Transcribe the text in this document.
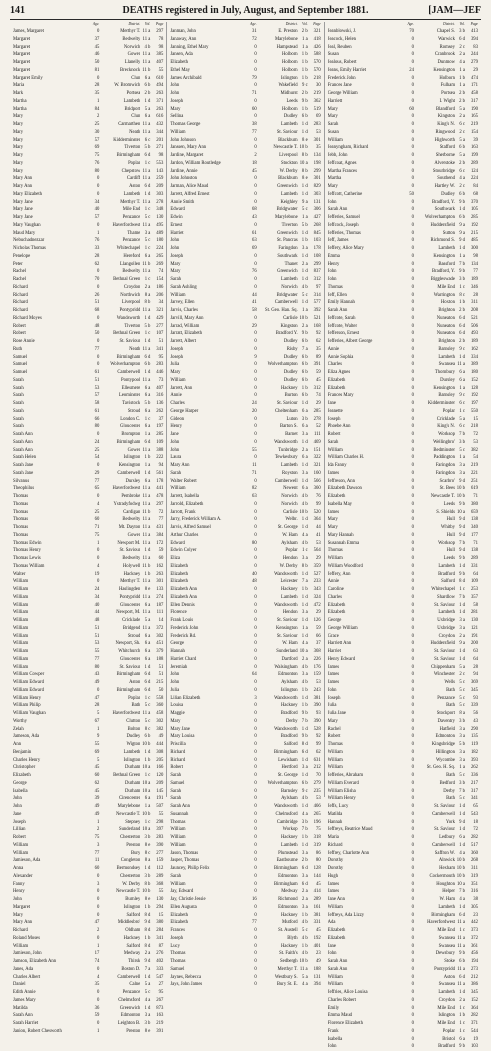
141	DEATHS registered in July, August, and September 1881.	[JAM—JEF
Age.	District.	Vol.	Page
James, Margaret	0	Merthyr T. 11 a	297
Margaret	37	Bedwelty 11 a	78
Margaret	45	Norwich 4 b	98
Margaret	46	Gower 11 a	385
Margaret	50	Llanelly 11 a	407
Margaret	81	Brecknock 11 b	55
Margaret Emily	0	Clun 6 a	610
Maria	28	W. Bromwich 6 b	494
Mark	35	Portsea 2 b	263
Martha	1	Lambeth 1 d	371
Martha	84	Bridport 5 a	263
Mary	2	Clun 6 a	616
Mary	25	Carmarthen 11 a	432
Mary	30	Neath 11 a	344
Mary	57	Kidderminster 6 c	201
Mary	69	Tiverton 5 b	271
Mary	75	Birmingham 6 d	98
Mary	76	Poplar 1 c	553
Mary	80	Chepstow 11 a	143
Mary Ann	0	Cardiff 11 a	259
Mary Ann	0	Aston 6 d	209
Mary Elizabeth	0	Lambeth 1 d	303
Mary Jane	34	Merthyr T. 11 a	278
Mary Jane	40	Mile End 1 c	348
Mary Jane	57	Penzance 5 c	130
Mary Vaughan	0	Haverfordwest 11 a	495
Maud Mary	1	Thame 3 a	489
Nebuchadnezzar	76	Penzance 5 c	180
Nicholas Thomas	33	Whitechapel 1 c	224
Penelope	28	Hereford 6 a	265
Peter	62	Llangollen 11 b	269
Rachel	0	Bedwelty 11 a	74
Rachel	70	Bethnal Green 1 c	154
Richard	0	Croydon 2 a	186
Richard	26	Northwich 8 a	206
Richard	51	Liverpool 8 b	34
Richard	68	Pontypridd 11 a	321
Richard Moyes	0	Wandsworth 1 d	429
Robert	48	Tiverton 5 b	277
Robert	50	Bethnal Green 1 c	107
Rose Annie	0	St. Saviour 1 d	51
Ruth	77	Neath 11 a	341
Samuel	0	Birmingham 6 d	95
Samuel	0	Wolverhampton 6 b	283
Samuel	61	Camberwell 1 d	446
Sarah	51	Pontypool 11 a	73
Sarah	53	Ellesmere 6 a	407
Sarah	57	Leominster 6 a	316
Sarah	58	Tavistock 5 b	136
Sarah	61	Stroud 6 a	262
Sarah	66	London C. 1 c	37
Sarah	80	Gloucester 6 a	197
Sarah Ann	0	Brompton 1 a	285
Sarah Ann	24	Birmingham 6 d	109
Sarah Ann	25	Gower 11 a	388
Sarah Helen	54	Islington 1 b	222
Sarah Jane	0	Kensington 1 a	94
Sarah Jane	29	Camberwell 1 d	561
Silvanus	77	Dursley 6 a	178
Theophilus	65	Haverfordwest 11 a	441
Thomas	0	Pembroke 11 a	478
Thomas	4	Ystradyfodwg 11 a	297
Thomas	25	Cardigan 11 b	72
Thomas	60	Bedwelty 11 a	77
Thomas	71	Mt. Dayton 11 a	431
Thomas	75	Gower 11 a	384
Thomas Edwin	1	Newport M. 11 a	172
Thomas Henry	0	St. Saviour 1 d	59
Thomas Lewis	0	Bedwelty 11 a	60
Thomas William	4	Holywell 11 b	162
Walter	19	Hackney 1 b	263
William	0	Merthyr T. 11 a	301
William	24	Haslingden 8 e	133
William	34	Pontypridd 11 a	274
William	40	Gloucester 6 a	187
William	44	Newport, M. 11 a	111
William	48	Cricklade 5 a	14
William	51	Bridgend 11 a	372
William	51	Stroud 6 a	302
William	53	Newport, Sh. 6 a	451
William	55	Whitchurch 6 a	379
William	77	Gloucester 6 a	188
William	80	St. Saviour 1 d	51
William Cowper	43	Birmingham 6 d	51
William Edward	49	Aston 6 d	215
William Edward	0	Birmingham 6 d	50
William Henry	47	Poplar 1 c	558
William Philip	28	Bath 5 c	360
William Vaughan	5	Haverfordwest 11 a	458
Worthy	67	Clutton 5 c	302
Zelah	1	Bolton 8 c	382
Jameson, Ada	9	Dudley 6 b	49
Ann	55	Wigton 10 b	444
Benjamin	69	Lambeth 1 d	308
Charles Henry	5	Islington 1 b	205
Christopher	45	Durham 10 a	166
Elizabeth	60	Bethnal Green 1 c	120
George	62	Durham 10 a	209
Isabella	45	Durham 10 a	145
John	39	Cirencester 6 a	191
John	49	Marylebone 1 a	507
Jane	49	Newcastle T. 10 b	55
Joseph	1	Stepney 1 c	298
Lillian	2	Sunderland 10 a	397
Robert	75	Chesterton 3 b	283
William	3	Preston 8 e	390
William	77	Bury 8 c	277
Jamieson, Ada	11	Congleton 8 a	159
Anna	60	Bermondsey 1 d	112
Alexander	0	Chesterton 3 b	289
Fanny	3	W. Derby 8 b	368
Henry	0	Newcastle T. 10 b	55
John	0	Burnley 8 e	130
Margaret	0	Islington 1 b	294
Mary	0	Salford 8 d	15
Mary Ann	47	Middlesbro' 9 d	380
Richard	2	Oldham 8 d	284
Roland Moses	0	Hackney 1 b	341
William	1	Salford 8 d	87
Jamieson, John	17	Medway 2 a	276
Jamson, Elizabeth Ann	74	Thirsk 9 d	402
Janes, Ada	0	Boston D. 7 a	333
Charles Albert	4	Camberwell 1 d	547
Daniel	35	Calne 5 a	27
Edith Annie	0	Penzance 5 c	95
James Mary	0	Chelmsford 4 a	267
Matilda	36	Greenwich 1 d	873
Sarah Ann	59	Edmonton 3 a	163
Sarah Harriet	0	Leighton B. 3 b	219
Janion, Robert Chesworth	1	Preston 8 e	391
Age.	District.	Vol.	Page
Janman, John	31	E. Preston 2 b	321
Janaway, Ann	72	Marylebone 1 a	418
Janning, Ethel Mary	0	Hampstead 1 a	426
Jansen, Ada	0	Holborn 1 b	588
Elizabeth	0	Holborn 1 b	570
Ethel May	0	Holborn 1 b	570
James Archibald	79	Islington 1 b	218
John	0	Wakefield 9 c	30
John	71	Midhurst 2 b	219
Joseph	0	Leeds 9 b	362
Mary	60	Holborn 1 b	519
Sellina	0	Dudley 6 b	69
Thomas George	38	Lambeth 1 d	283
William	77	St. Saviour 1 d	53
John Johnson	0	Blackburn 8 e	301
Janssen, Mary Ann	0	Newcastle T. 10 b	35
Jardine, Margaret	2	Liverpool 8 b	134
Jardon, William Routledge	18	Stockton 10 a	198
Jardine, Annie	45	W. Derby 8 b	299
John Johnston	0	Blackburn 8 e	301
Jarman, Alice Maud	0	Greenwich 1 d	829
Jarrett, Alfred Ernest	0	Lambeth 1 d	303
Annie Smith	0	Keighley 9 a	131
Edward	68	Bridgwater 5 c	306
Edwin	43	Marylebone 1 a	427
Ernest	0	Tiverton 5 b	268
Harriet	61	Greenwich 1 d	845
John	63	St. Pancras 1 b	103
John	69	Faringdon 3 a	178
Joseph	0	Southwark 1 d	108
Mary	0	Thanet 2 a	299
Mary	76	Greenwich 1 d	837
Sarah	0	Lambeth 1 d	312
Sarah Ashling	0	Norwich 4 b	97
William	44	Bridgwater 5 c	314
Jarvey, Ellen	41	Camberwell 1 d	577
Jarvis, Charles	58	St. Geo. Han. Sq. 1 a	392
Jarvill, Mary Ann	0	Carlisle 10 b	521
Jarrad, William	29	Kingston 2 a	168
Jarratt, Elizabeth	0	Bradford Y. 9 b	92
Jarrett, Albert	0	Dudley 6 b	62
Joseph	0	Risby 7 a	35
Joseph	9	Dudley 6 b	89
Julia	0	Wolverhampton 6 b	391
Mary	0	Dudley 6 b	59
William	0	Dudley 6 b	45
Jarrett, Ann	0	Hackney 1 b	312
Annie	0	Burton 6 b	74
Charles	24	St. Saviour 1 d	29
George Harper	20	Cheltenham 6 a	285
Gideon	0	Luton 3 b	278
Henry	0	Barton S. 6 a	52
Jane	0	Barnet 3 a	111
John	0	Wandsworth 1 d	469
John	55	Tunbridge 2 a	151
Laura	0	Tewkesbury 6 a	322
Mary Ann	11	Lambeth 1 d	321
Sarah	71	Royston 3 a	160
Walter Robert	0	Camberwell 1 d	566
William	82	Newent 6 a	360
Jarrett, Isabella	63	Norwich 4 b	76
Jarrold, Elizabeth	0	Norwich 4 b	99
Jarrott, Frank	0	Carlisle 10 b	520
Jarry, Frederick William A.	0	Welbr. 1 d	364
Jarvis, Alfred Samuel	0	St. George 1 d	44
Arthur Charles	0	W. Ham 4 a	41
Edward	80	Aylsham 4 b	53
Edwin Colyer	0	Poplar 1 c	564
Eliza	0	Hendon 3 a	29
Elizabeth	0	W. Derby 8 b	359
Elizabeth	40	Wandsworth 1 d	527
Elizabeth	48	Leicester 7 a	233
Elizabeth Ann	0	Hackney 1 b	343
Elizabeth Ann	0	Lambeth 1 d	324
Ellen Dennis	0	Wandsworth 1 d	472
Florence	0	Hendon 3 a	29
Frank Louis	0	St. Saviour 1 d	126
Frederick John	0	Kensington 1 a	59
Frederick Rd.	0	St. Saviour 1 d	66
George	0	W. Ham 4 a	37
Hannah	0	Sunderland 10 a	368
Harriet Chard	0	Dartford 2 a	226
Jeremiah	0	Walsingham 4 b	176
John	64	Edmonton 3 a	159
John	0	Aylsham 4 b	53
Julia	0	Islington 1 b	243
Lilian Elizabeth	3	Wandsworth 1 d	381
Louisa	0	Hackney 1 b	390
Maggie	0	Bradford 9 b	93
Mary	0	Derby 7 b	390
Mary Jane	0	Wandsworth 1 d	528
Mary Louisa	0	Bradford 9 b	92
Priscilla	0	Salford 8 d	99
Richard	0	Birmingham 6 d	62
Richard	0	Lewisham 1 d	631
Robert	0	Hertford 3 a	212
Sarah	0	St. George 1 d	70
Samuel	0	Wolverhampton 6 b	279
Sarah	0	Barnsley 9 c	235
Sarah	0	Aylsham 4 b	53
Sarah Ann	0	Wandsworth 1 d	466
Susannah	0	Chelmsford 4 a	265
Thomas	0	Cambridge 3 b	196
William	0	Workop 7 b	75
William	0	Hackney 1 b	318
William	0	Lambeth 1 d	319
Jason, Thomas	0	Plumstead 3 a	86
Jasper, Thomas	0	Eastbourne 2 b	80
Jauncey, Philip Felix	0	Birmingham 6 d	128
Sarah	0	Edmonton 3 a	144
William	0	Birmingham 6 d	45
Jay, Edward	0	Medway 2 a	414
Jay, Christie Jessie	16	Richmond 2 a	289
Ellen Augusta	0	Edmonton 3 a	161
Elizabeth	0	Hackney 1 b	381
Elizabeth	77	Mutford 4 b	331
Frances	0	St. Austell 5 c	45
Joseph	0	Blyth 4 b	192
Lucy	0	Hackney 1 b	401
Thomas	0	St. Faith's 4 b	23
Thomas	0	Sedbergh 10 b	49
Samuel	0	Merthyr T. 11 a	188
Jaynes, Rebecca	0	Westbury S. 5 a	131
Jays, John James	0	Bury St. E. 4 a	394
Age.	District.	Vol.	Page
Jeanblowski, J.	70	Chapel S. 3 b	413
Jeacock, Helen	0	Warwick 6 d	394
Jeal, Reuben	0	Romsey 2 c	83
Susan	0	Cranbrook 2 a	244
Jealous, Robert	0	Dunmow 4 a	279
Jeans, Emily Harriet	24	Kensington 1 a	29
Frederick John	0	Holborn 1 b	474
Frances Jane	0	Fulham 1 a	171
George William	0	Portsea 2 b	458
Harriett	0	I. Wight 2 b	317
Mary	60	Blandford 5 a	190
Mary	0	Kingston 2 a	165
Sarah	0	King's N. 6 c	219
Susan	0	Ringwood 2 c	154
William	0	Highworth 5 a	39
Jeanyngham, Richard	0	Stafford 6 b	163
Jebb, John	0	Sherborne 5 a	199
Jeffcoat, Agnes	0	Alverstoke 2 b	289
Martha Frances	0	Stourbridge 6 c	124
Martha	0	Southend 4 a	224
Mary	0	Hartley W. 2 c	84
Jeffcott, Catherine	50	Dudley 6 b	68
John	0	Bradford, Y. 9 b	370
Sarah Ann	0	Southwark 1 d	105
Jefferies, Samuel	0	Wolverhampton 6 b	285
Jeffcock, Joseph	0	Huddersfield 9 a	192
Jefferies, Thomas	0	Sutton 9 a	215
Jeff, James	0	Richmond S. 9 d	485
Jeffery, Alice Mary	0	Lambeth 1 d	300
Emma	0	Kensington 1 a	98
Henry	0	Bassford 7 b	134
John	0	Bradford, Y. 9 b	77
John	0	Biggleswade 3 b	189
Thomas	0	Mile End 1 c	346
Jeff, Ellen	0	Warrington 8 c	28
Emily Hannah	0	Hoxton 1 b	311
Sarah Ann	0	Brighton 2 b	208
Jeffcote, Sarah	0	Nuneaton 6 d	521
Jeffcote, Walter	0	Nuneaton 6 d	506
Jefferson, Ernest	0	Nuneaton 6 d	493
Jefferies, Albert George	0	Brighton 2 b	189
Annie	0	Barnsley 9 c	162
Annie Sophia	0	Lambeth 1 d	334
Charles	0	Swansea 11 a	389
Eliza Agnes	0	Thornbury 6 a	180
Elizabeth	0	Dursley 6 a	152
Elizabeth	0	Kensington 1 a	128
Frances Mary	0	Barnsley 9 c	192
Jane	0	Kidderminster 6 c	197
Jeanette	0	Poplar 1 c	550
Joseph	0	Cricklade 5 a	15
Phoebe Ann	0	King's N. 6 c	218
Robert	0	Worksop 7 b	72
Sarah	0	Wellingbro' 3 b	53
William	0	Bedminster 5 c	382
William Charles H.	0	Paddington 1 a	54
Ida Fanny	0	Faringdon 3 a	219
James	0	Faringdon 3 a	221
Jeffreson, Ann	0	Scarbro' 9 d	251
Elizabeth Dawson	0	St. Bees 10 b	619
Elizabeth	0	Newcastle T. 10 b	71
Isabella May	0	Leeds 9 b	380
James	0	S. Shields 10 a	659
Mary	0	Hull 9 d	138
Mary	0	Whitby 9 d	340
Mary Hannah	0	Hull 9 d	177
Susannah Emma	0	Worksop 7 b	71
Thomas	0	Hull 9 d	138
William	0	Leeds 9 b	289
William Woodford	0	Lambeth 1 d	331
Jeffery, Ann	0	Bradford 9 b	64
Annie	0	Salford 8 d	109
Caroline	0	Whitechapel 1 c	253
Charles	0	Shardlow 7 b	357
Elizabeth	0	St. Saviour 1 d	58
Elizabeth	0	Lambeth 1 d	281
George	0	Uxbridge 3 a	130
George William	0	Uxbridge 3 a	121
Grace	0	Croydon 2 a	191
Harriett Ann	0	Huddersfield 9 a	200
Harriet	0	St. Saviour 1 d	63
Henry Edward	0	St. Saviour 1 d	64
James	0	Chippenham 5 a	28
James	0	Winchester 2 c	94
James	0	Wells 5 c	369
John	0	Bath 5 c	345
Joseph	0	Penzance 5 c	93
Julia	0	Bath 5 c	339
Julia Jane	0	Stockport 8 a	56
Mary	0	Daventry 3 b	43
Rachel	0	Hatfield 3 a	290
Robert	0	Edmonton 3 a	135
Thomas	0	Kingsbridge 5 b	119
William	0	Hillington 3 a	182
William	0	Wycombe 3 a	393
William	0	St. Geo. H. Sq. 1 a	262
Jefferies, Abraham	0	Bath 5 c	336
William Everard	0	Bedford 3 b	217
William Elisha	0	Derby 7 b	317
William Henry	0	Bath 5 c	341
Jeffs, Lucy	0	St. Saviour 1 d	65
Matilda	0	Camberwell 1 d	543
Hannah	0	York 9 d	18
Jeffreys, Beatrice Maud	0	St. Saviour 1 d	72
Maria	0	Ledbury 6 a	282
Richard	0	Camberwell 1 d	517
Jeffrey, Charlotte Ann	0	Saffron W. 4 a	360
Dorothy	0	Alnwick 10 b	268
Dorothy	0	Hexham 10 b	311
Hugh	0	Cockermouth 10 b	319
James	0	Houghton 10 a	351
James	0	Helper 7 b	316
Jane Ann	0	W. Ham 4 a	38
William	0	Lambeth 1 d	305
Jeffreys, Ada Lizzy	0	Birmingham 6 d	23
Ada	0	Haverfordwest 11 a	442
Elizabeth	0	Mile End 1 c	373
Elizabeth	0	Swansea 11 a	372
Jane	0	Swansea 11 a	361
John	0	Dewsbury 9 b	456
Sarah Ann	0	Stoke 6 b	194
Sarah Ann	0	Pontypridd 11 a	273
William	0	Aston 6 d	212
William	0	Swansea 11 a	386
Jeffries, Alice Louisa	0	Lambeth 1 d	345
Charles Robert	0	Croydon 2 a	152
Emily	0	Mile End 1 c	364
Emma Maud	0	Islington 1 b	282
Florence Elizabeth	0	Mile End 1 c	371
Frank	0	Poplar 1 c	544
Isabella	0	Bristol 6 a	19
John	0	Bradford 9 b	103
